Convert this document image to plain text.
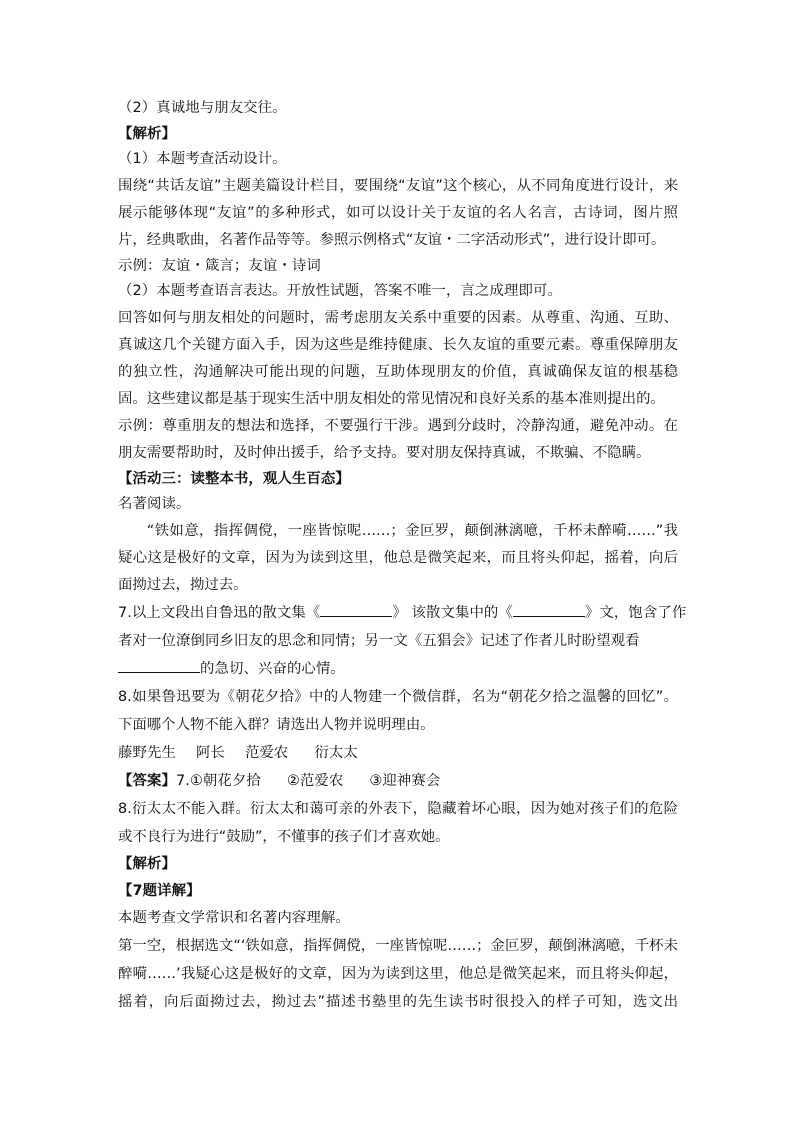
（2）真诚地与朋友交往。
【解析】
（1）本题考查活动设计。
围绕“共话友谊”主题美篇设计栏目，要围绕“友谊”这个核心，从不同角度进行设计，来展示能够体现“友谊”的多种形式，如可以设计关于友谊的名人名言，古诗词，图片照片，经典歌曲，名著作品等等。参照示例格式“友谊・二字活动形式”，进行设计即可。
示例：友谊・箴言；友谊・诗词
（2）本题考查语言表达。开放性试题，答案不唯一，言之成理即可。
回答如何与朋友相处的问题时，需考虑朋友关系中重要的因素。从尊重、沟通、互助、真诚这几个关键方面入手，因为这些是维持健康、长久友谊的重要元素。尊重保障朋友的独立性，沟通解决可能出现的问题，互助体现朋友的价值，真诚确保友谊的根基稳固。这些建议都是基于现实生活中朋友相处的常见情况和良好关系的基本准则提出的。
示例：尊重朋友的想法和选择，不要强行干涉。遇到分歧时，冷静沟通，避免冲动。在朋友需要帮助时，及时伸出援手，给予支持。要对朋友保持真诚，不欺骗、不隐瞒。
【活动三：读整本书，观人生百态】
名著阅读。
“铁如意，指挥倜傥，一座皆惊呢……；金叵罗，颠倒淋漓噫，千杯未醉嗬……”我疑心这是极好的文章，因为为读到这里，他总是微笑起来，而且将头仰起，摇着，向后面拗过去，拗过去。
7.以上文段出自鲁迅的散文集《	》 该散文集中的《	》文，饱含了作
者对一位潦倒同乡旧友的思念和同情；另一文《五猖会》记述了作者儿时盼望观看
的急切、兴奋的心情。
8.如果鲁迅要为《朝花夕拾》中的人物建一个微信群，名为“朝花夕拾之温馨的回忆”。下面哪个人物不能入群？请选出人物并说明理由。
藤野先生 阿长 范爱农 衍太太
【答案】7.①朝花夕拾 ②范爱农 ③迎神赛会
8.衍太太不能入群。衍太太和蔼可亲的外表下，隐藏着坏心眼，因为她对孩子们的危险或不良行为进行“鼓励”，不懂事的孩子们才喜欢她。
【解析】
【7题详解】
本题考查文学常识和名著内容理解。
第一空，根据选文“‘铁如意，指挥倜傥，一座皆惊呢……；金叵罗，颠倒淋漓噫，千杯未醉嗬……’我疑心这是极好的文章，因为为读到这里，他总是微笑起来，而且将头仰起，摇着，向后面拗过去，拗过去”描述书塾里的先生读书时很投入的样子可知，选文出
